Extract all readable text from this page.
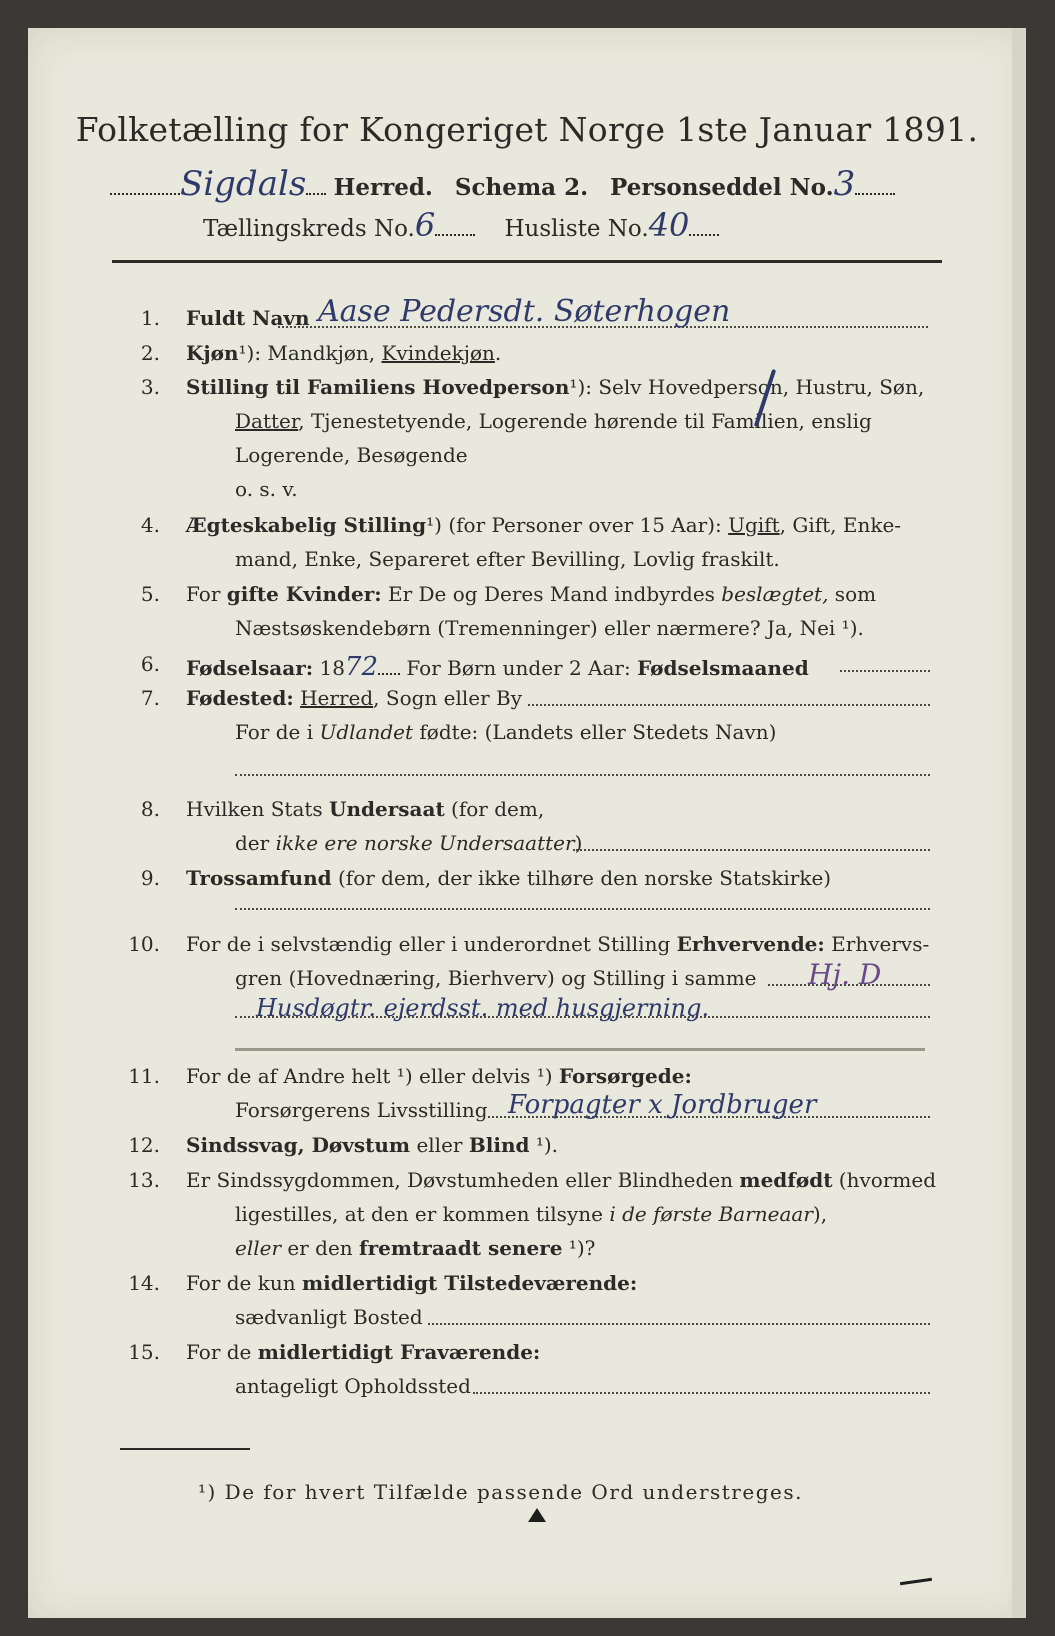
Folketælling for Kongeriget Norge 1ste Januar 1891.
Sigdals Herred. Schema 2. Personseddel No.3
Tællingskreds No.6	Husliste No.40
1. Fuldt Navn Aase Pedersdt. Søterhogen
2. Kjøn¹): Mandkjøn, Kvindekjøn.
3. Stilling til Familiens Hovedperson¹): Selv Hovedperson, Hustru, Søn,
Datter, Tjenestetyende, Logerende hørende til Familien, enslig
Logerende, Besøgende
o. s. v.
4. Ægteskabelig Stilling¹) (for Personer over 15 Aar): Ugift, Gift, Enke-
mand, Enke, Separeret efter Bevilling, Lovlig fraskilt.
5. For gifte Kvinder: Er De og Deres Mand indbyrdes beslægtet, som
Næstsøskendebørn (Tremenninger) eller nærmere? Ja, Nei ¹).
6. Fødselsaar: 1872 For Børn under 2 Aar: Fødselsmaaned
7. Fødested: Herred, Sogn eller By
For de i Udlandet fødte: (Landets eller Stedets Navn)
8. Hvilken Stats Undersaat (for dem,
der ikke ere norske Undersaatter)
9. Trossamfund (for dem, der ikke tilhøre den norske Statskirke)
10. For de i selvstændig eller i underordnet Stilling Erhvervende: Erhvervs-
gren (Hovednæring, Bierhverv) og Stilling i samme Hj. D
Husdøgtr. ejerdsst. med husgjerning.
11. For de af Andre helt ¹) eller delvis ¹) Forsørgede:
Forsørgerens Livsstilling Forpagter x Jordbruger
12. Sindssvag, Døvstum eller Blind ¹).
13. Er Sindssygdommen, Døvstumheden eller Blindheden medfødt (hvormed
ligestilles, at den er kommen tilsyne i de første Barneaar),
eller er den fremtraadt senere ¹)?
14. For de kun midlertidigt Tilstedeværende:
sædvanligt Bosted
15. For de midlertidigt Fraværende:
antageligt Opholdssted
¹) De for hvert Tilfælde passende Ord understreges.
